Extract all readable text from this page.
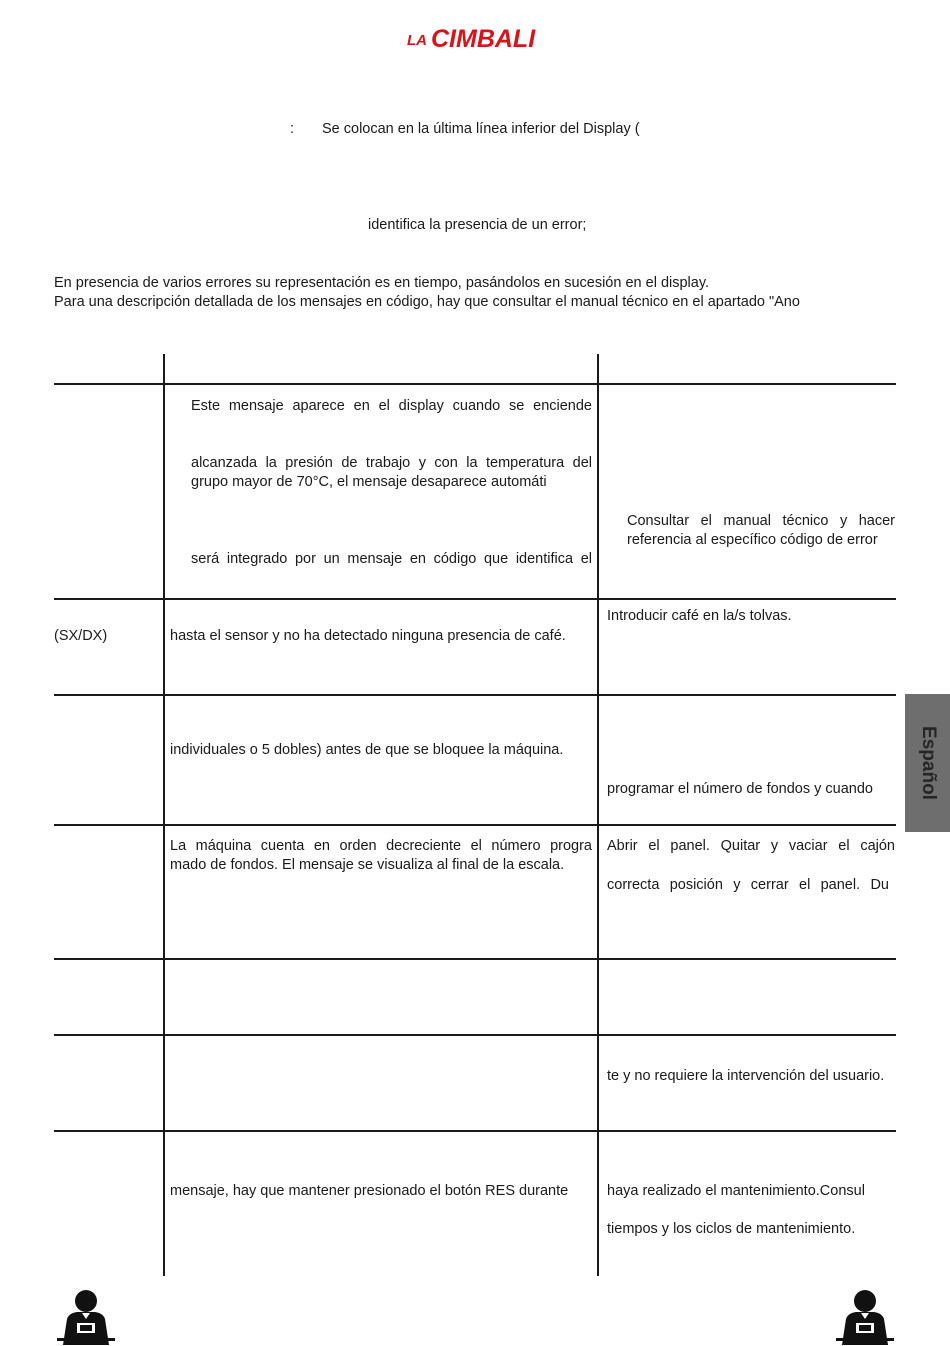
LA CIMBALI
: Se colocan en la última línea inferior del Display (
identifica la presencia de un error;
En presencia de varios errores su representación es en tiempo, pasándolos en sucesión en el display.
Para una descripción detallada de los mensajes en código, hay que consultar el manual técnico en el apartado "Ano
Este mensaje aparece en el display cuando se enciende
alcanzada la presión de trabajo y con la temperatura del
grupo mayor de 70°C, el mensaje desaparece automáti
será integrado por un mensaje en código que identifica el
Consultar el manual técnico y hacer
referencia al específico código de error
(SX/DX)	hasta el sensor y no ha detectado ninguna presencia de café.
Introducir café en la/s tolvas.
individuales o 5 dobles) antes de que se bloquee la máquina.
programar el número de fondos y cuando
La máquina cuenta en orden decreciente el número progra
mado de fondos. El mensaje se visualiza al final de la escala.
Abrir el panel. Quitar y vaciar el cajón
correcta posición y cerrar el panel. Du
te y no requiere la intervención del usuario.
mensaje, hay que mantener presionado el botón RES durante	haya realizado el mantenimiento.Consul
tiempos y los ciclos de mantenimiento.
Español
